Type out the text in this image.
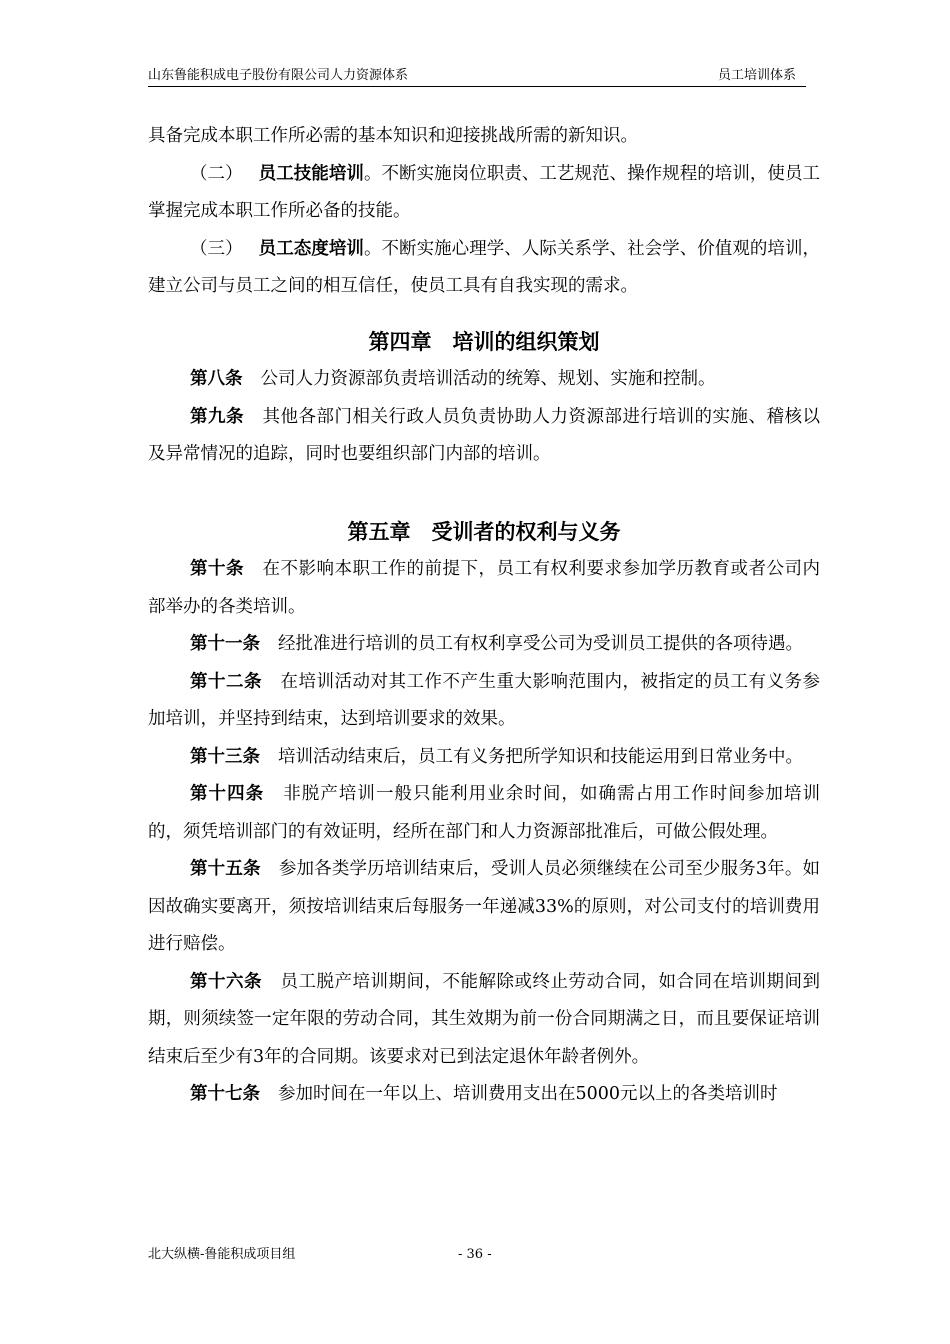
山东鲁能积成电子股份有限公司人力资源体系	员工培训体系

具备完成本职工作所必需的基本知识和迎接挑战所需的新知识。

（二） 员工技能培训。不断实施岗位职责、工艺规范、操作规程的培训，使员工掌握完成本职工作所必备的技能。

（三） 员工态度培训。不断实施心理学、人际关系学、社会学、价值观的培训，建立公司与员工之间的相互信任，使员工具有自我实现的需求。

第四章　培训的组织策划

第八条 公司人力资源部负责培训活动的统筹、规划、实施和控制。

第九条 其他各部门相关行政人员负责协助人力资源部进行培训的实施、稽核以及异常情况的追踪，同时也要组织部门内部的培训。

第五章　受训者的权利与义务

第十条 在不影响本职工作的前提下，员工有权利要求参加学历教育或者公司内部举办的各类培训。

第十一条 经批准进行培训的员工有权利享受公司为受训员工提供的各项待遇。

第十二条 在培训活动对其工作不产生重大影响范围内，被指定的员工有义务参加培训，并坚持到结束，达到培训要求的效果。

第十三条 培训活动结束后，员工有义务把所学知识和技能运用到日常业务中。

第十四条 非脱产培训一般只能利用业余时间，如确需占用工作时间参加培训的，须凭培训部门的有效证明，经所在部门和人力资源部批准后，可做公假处理。

第十五条 参加各类学历培训结束后，受训人员必须继续在公司至少服务3年。如因故确实要离开，须按培训结束后每服务一年递减33%的原则，对公司支付的培训费用进行赔偿。

第十六条 员工脱产培训期间，不能解除或终止劳动合同，如合同在培训期间到期，则须续签一定年限的劳动合同，其生效期为前一份合同期满之日，而且要保证培训结束后至少有3年的合同期。该要求对已到法定退休年龄者例外。

第十七条 参加时间在一年以上、培训费用支出在5000元以上的各类培训时

北大纵横-鲁能积成项目组	- 36 -
